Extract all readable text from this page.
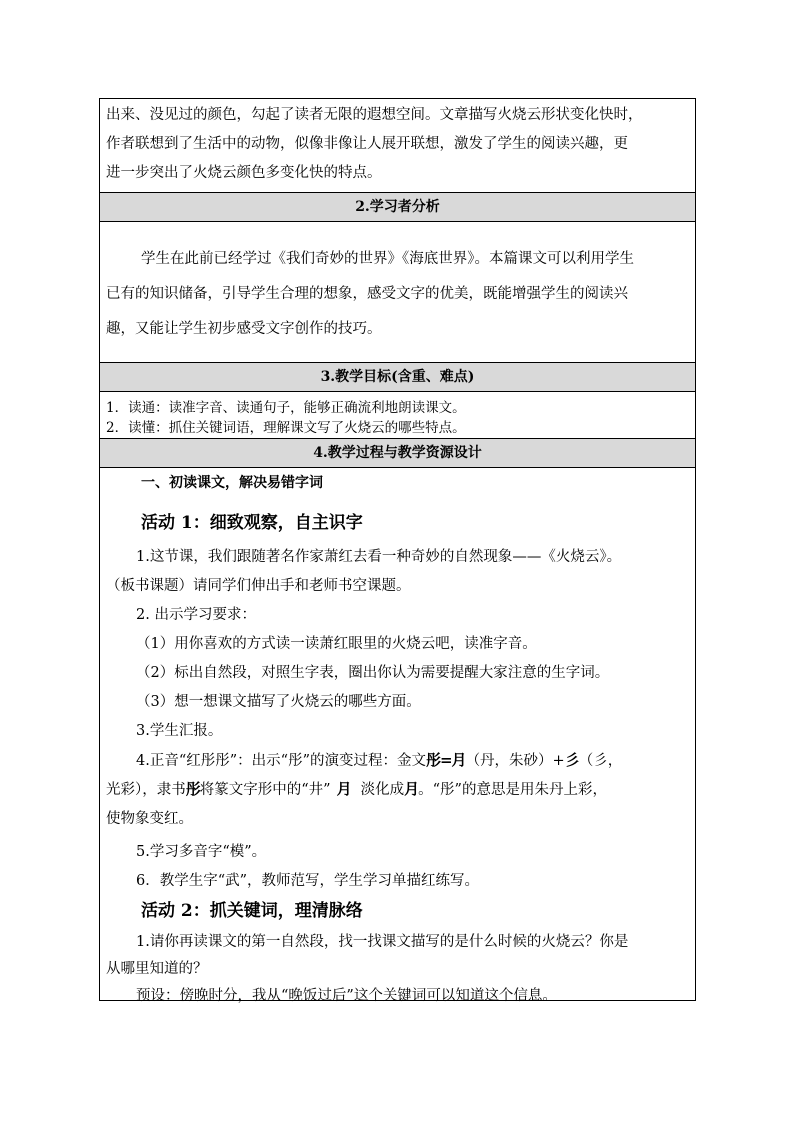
出来、没见过的颜色，勾起了读者无限的遐想空间。文章描写火烧云形状变化快时，
作者联想到了生活中的动物，似像非像让人展开联想，激发了学生的阅读兴趣，更
进一步突出了火烧云颜色多变化快的特点。
2.学习者分析
学生在此前已经学过《我们奇妙的世界》《海底世界》。本篇课文可以利用学生
已有的知识储备，引导学生合理的想象，感受文字的优美，既能增强学生的阅读兴
趣，又能让学生初步感受文字创作的技巧。
3.教学目标(含重、难点)
1．读通：读准字音、读通句子，能够正确流利地朗读课文。
2．读懂：抓住关键词语，理解课文写了火烧云的哪些特点。
4.教学过程与教学资源设计
一、初读课文，解决易错字词
活动 1：细致观察，自主识字
1.这节课，我们跟随著名作家萧红去看一种奇妙的自然现象——《火烧云》。
（板书课题）请同学们伸出手和老师书空课题。
2. 出示学习要求：
（1）用你喜欢的方式读一读萧红眼里的火烧云吧，读准字音。
（2）标出自然段，对照生字表，圈出你认为需要提醒大家注意的生字词。
（3）想一想课文描写了火烧云的哪些方面。
3.学生汇报。
4.正音“红彤彤”：出示“彤”的演变过程：金文彤=月（丹，朱砂）+彡（彡，
光彩），隶书彤将篆文字形中的“井” 月 淡化成月。“彤”的意思是用朱丹上彩，
使物象变红。
5.学习多音字“模”。
6．教学生字“武”，教师范写，学生学习单描红练写。
活动 2：抓关键词，理清脉络
1.请你再读课文的第一自然段，找一找课文描写的是什么时候的火烧云？你是
从哪里知道的？
预设：傍晚时分，我从“晚饭过后”这个关键词可以知道这个信息。
